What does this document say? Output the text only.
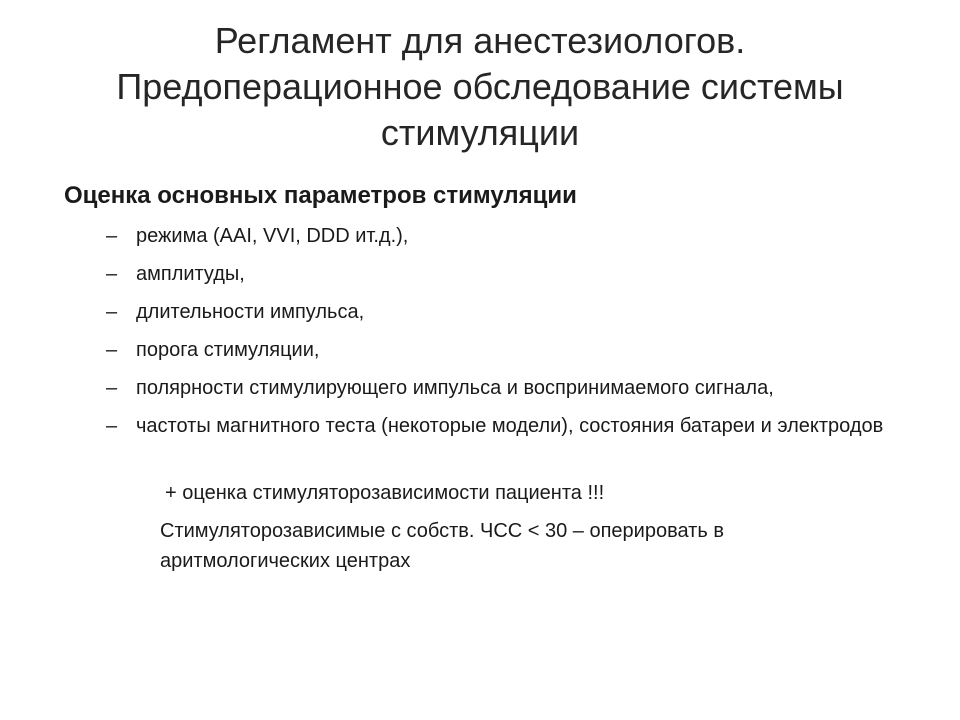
Регламент для анестезиологов.
Предоперационное обследование системы
стимуляции

Оценка основных параметров стимуляции

– режима (AAI, VVI, DDD ит.д.),
– амплитуды,
– длительности импульса,
– порога стимуляции,
– полярности стимулирующего импульса и воспринимаемого сигнала,
– частоты магнитного теста (некоторые модели), состояния батареи и электродов

+ оценка стимуляторозависимости пациента !!!

Стимуляторозависимые с собств. ЧСС < 30 – оперировать в аритмологических центрах
